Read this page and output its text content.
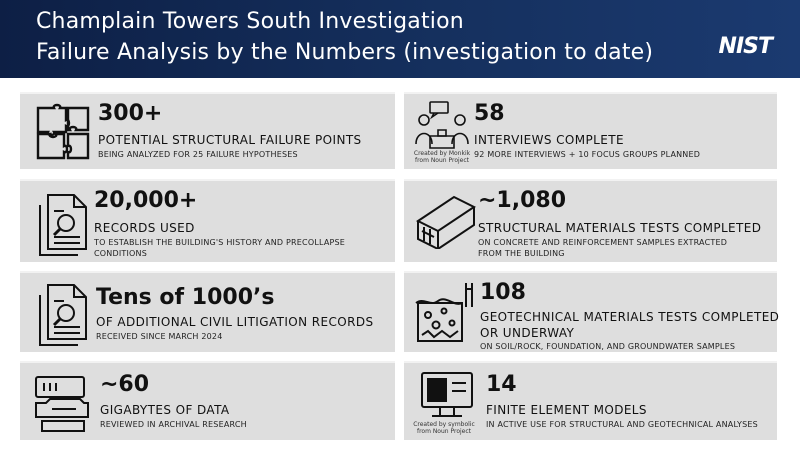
Champlain Towers South Investigation
Failure Analysis by the Numbers (investigation to date)	NIST
300+
POTENTIAL STRUCTURAL FAILURE POINTS
BEING ANALYZED FOR 25 FAILURE HYPOTHESES	Created by Monkik from Noun Project
58
INTERVIEWS COMPLETE
92 MORE INTERVIEWS + 10 FOCUS GROUPS PLANNED
20,000+
RECORDS USED
TO ESTABLISH THE BUILDING'S HISTORY AND PRECOLLAPSE CONDITIONS
~1,080
STRUCTURAL MATERIALS TESTS COMPLETED
ON CONCRETE AND REINFORCEMENT SAMPLES EXTRACTED FROM THE BUILDING
Tens of 1000’s
OF ADDITIONAL CIVIL LITIGATION RECORDS
RECEIVED SINCE MARCH 2024
108
GEOTECHNICAL MATERIALS TESTS COMPLETED
OR UNDERWAY
ON SOIL/ROCK, FOUNDATION, AND GROUNDWATER SAMPLES
~60
GIGABYTES OF DATA
REVIEWED IN ARCHIVAL RESEARCH	Created by symbolic from Noun Project
14
FINITE ELEMENT MODELS
IN ACTIVE USE FOR STRUCTURAL AND GEOTECHNICAL ANALYSES
